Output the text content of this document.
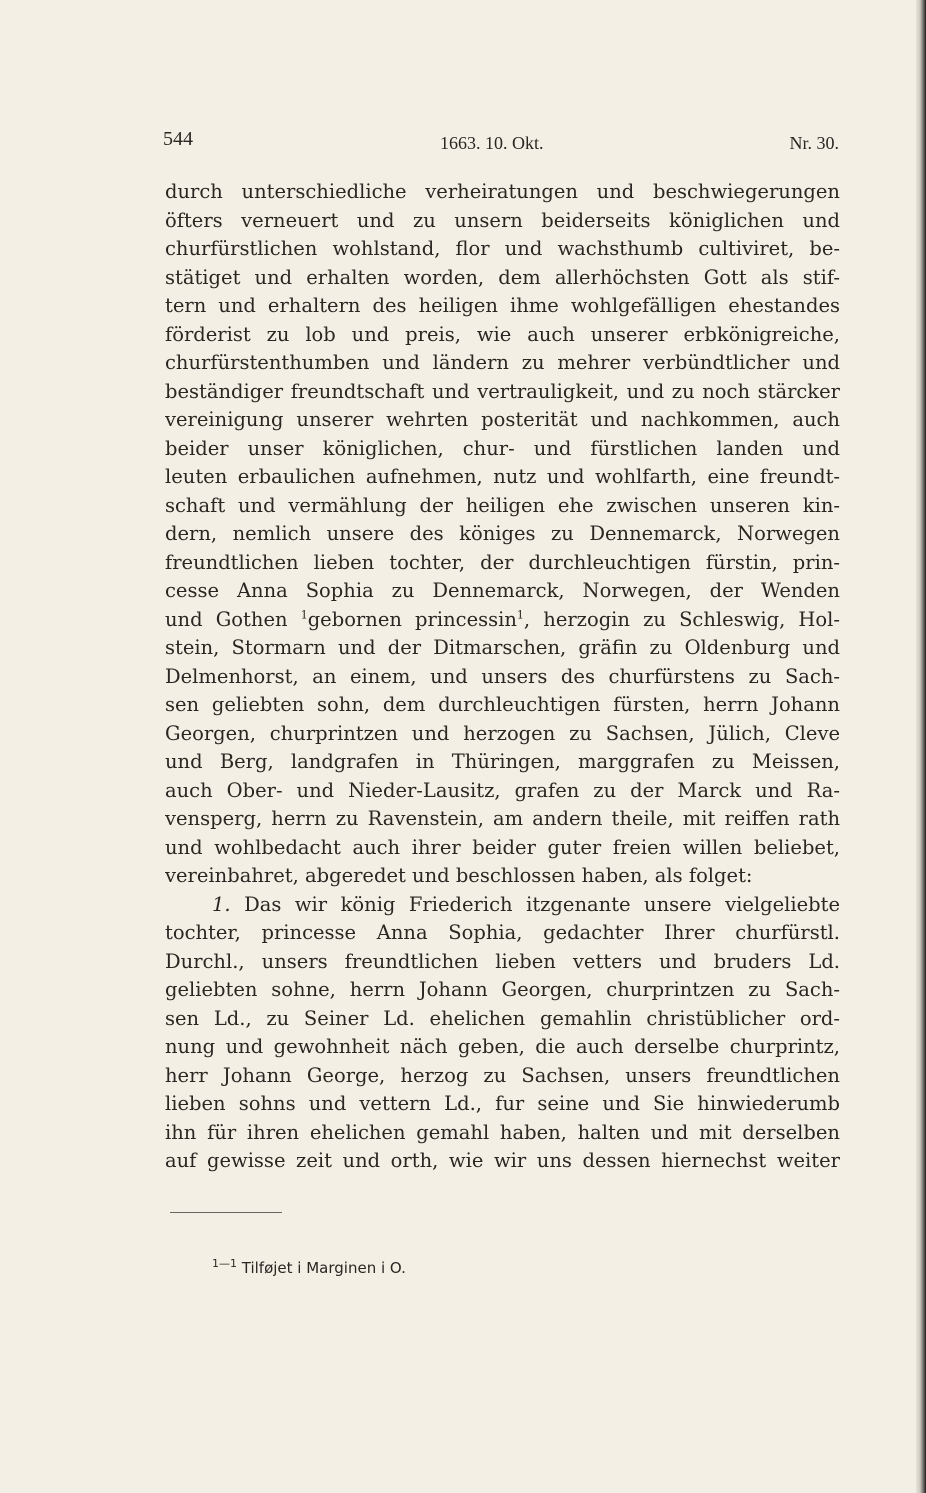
544	1663. 10. Okt.	Nr. 30.
durch unterschiedliche verheiratungen und beschwiegerungen
öfters verneuert und zu unsern beiderseits königlichen und
churfürstlichen wohlstand, flor und wachsthumb cultiviret, be-
stätiget und erhalten worden, dem allerhöchsten Gott als stif-
tern und erhaltern des heiligen ihme wohlgefälligen ehestandes
förderist zu lob und preis, wie auch unserer erbkönigreiche,
churfürstenthumben und ländern zu mehrer verbündtlicher und
beständiger freundtschaft und vertrauligkeit, und zu noch stärcker
vereinigung unserer wehrten posterität und nachkommen, auch
beider unser königlichen, chur- und fürstlichen landen und
leuten erbaulichen aufnehmen, nutz und wohlfarth, eine freundt-
schaft und vermählung der heiligen ehe zwischen unseren kin-
dern, nemlich unsere des königes zu Dennemarck, Norwegen
freundtlichen lieben tochter, der durchleuchtigen fürstin, prin-
cesse Anna Sophia zu Dennemarck, Norwegen, der Wenden
und Gothen $^1$gebornen princessin$^1$, herzogin zu Schleswig, Hol-
stein, Stormarn und der Ditmarschen, gräfin zu Oldenburg und
Delmenhorst, an einem, und unsers des churfürstens zu Sach-
sen geliebten sohn, dem durchleuchtigen fürsten, herrn Johann
Georgen, churprintzen und herzogen zu Sachsen, Jülich, Cleve
und Berg, landgrafen in Thüringen, marggrafen zu Meissen,
auch Ober- und Nieder-Lausitz, grafen zu der Marck und Ra-
vensperg, herrn zu Ravenstein, am andern theile, mit reiffen rath
und wohlbedacht auch ihrer beider guter freien willen beliebet,
vereinbahret, abgeredet und beschlossen haben, als folget:
1. Das wir könig Friederich itzgenante unsere vielgeliebte
tochter, princesse Anna Sophia, gedachter Ihrer churfürstl.
Durchl., unsers freundtlichen lieben vetters und bruders Ld.
geliebten sohne, herrn Johann Georgen, churprintzen zu Sach-
sen Ld., zu Seiner Ld. ehelichen gemahlin christüblicher ord-
nung und gewohnheit näch geben, die auch derselbe churprintz,
herr Johann George, herzog zu Sachsen, unsers freundtlichen
lieben sohns und vettern Ld., fur seine und Sie hinwiederumb
ihn für ihren ehelichen gemahl haben, halten und mit derselben
auf gewisse zeit und orth, wie wir uns dessen hiernechst weiter
$^{1—1}$ Tilføjet i Marginen i O.
